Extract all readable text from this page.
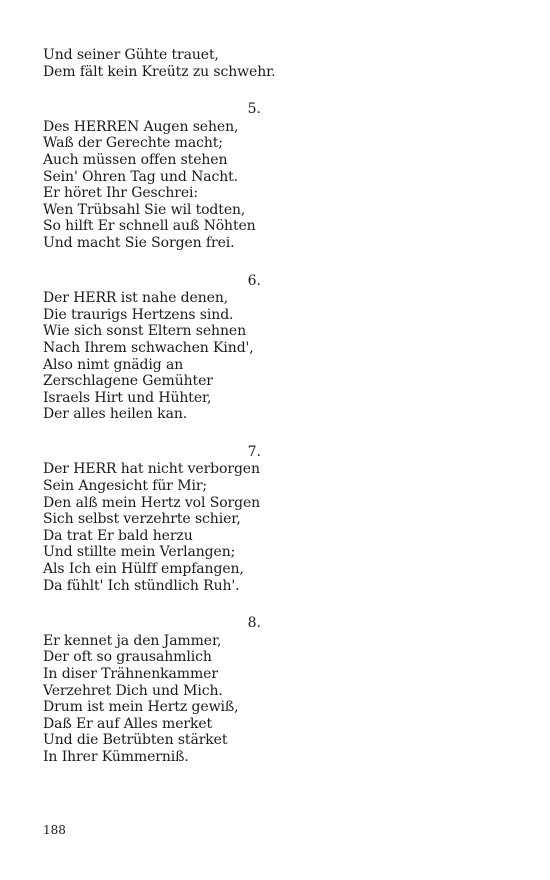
Und seiner Gühte trauet,
Dem fält kein Kreütz zu schwehr.
5.
Des HERREN Augen sehen,
Waß der Gerechte macht;
Auch müssen offen stehen
Sein' Ohren Tag und Nacht.
Er höret Ihr Geschrei:
Wen Trübsahl Sie wil todten,
So hilft Er schnell auß Nöhten
Und macht Sie Sorgen frei.
6.
Der HERR ist nahe denen,
Die traurigs Hertzens sind.
Wie sich sonst Eltern sehnen
Nach Ihrem schwachen Kind',
Also nimt gnädig an
Zerschlagene Gemühter
Israels Hirt und Hühter,
Der alles heilen kan.
7.
Der HERR hat nicht verborgen
Sein Angesicht für Mir;
Den alß mein Hertz vol Sorgen
Sich selbst verzehrte schier,
Da trat Er bald herzu
Und stillte mein Verlangen;
Als Ich ein Hülff empfangen,
Da fühlt' Ich stündlich Ruh'.
8.
Er kennet ja den Jammer,
Der oft so grausahmlich
In diser Trähnenkammer
Verzehret Dich und Mich.
Drum ist mein Hertz gewiß,
Daß Er auf Alles merket
Und die Betrübten stärket
In Ihrer Kümmerniß.
188
